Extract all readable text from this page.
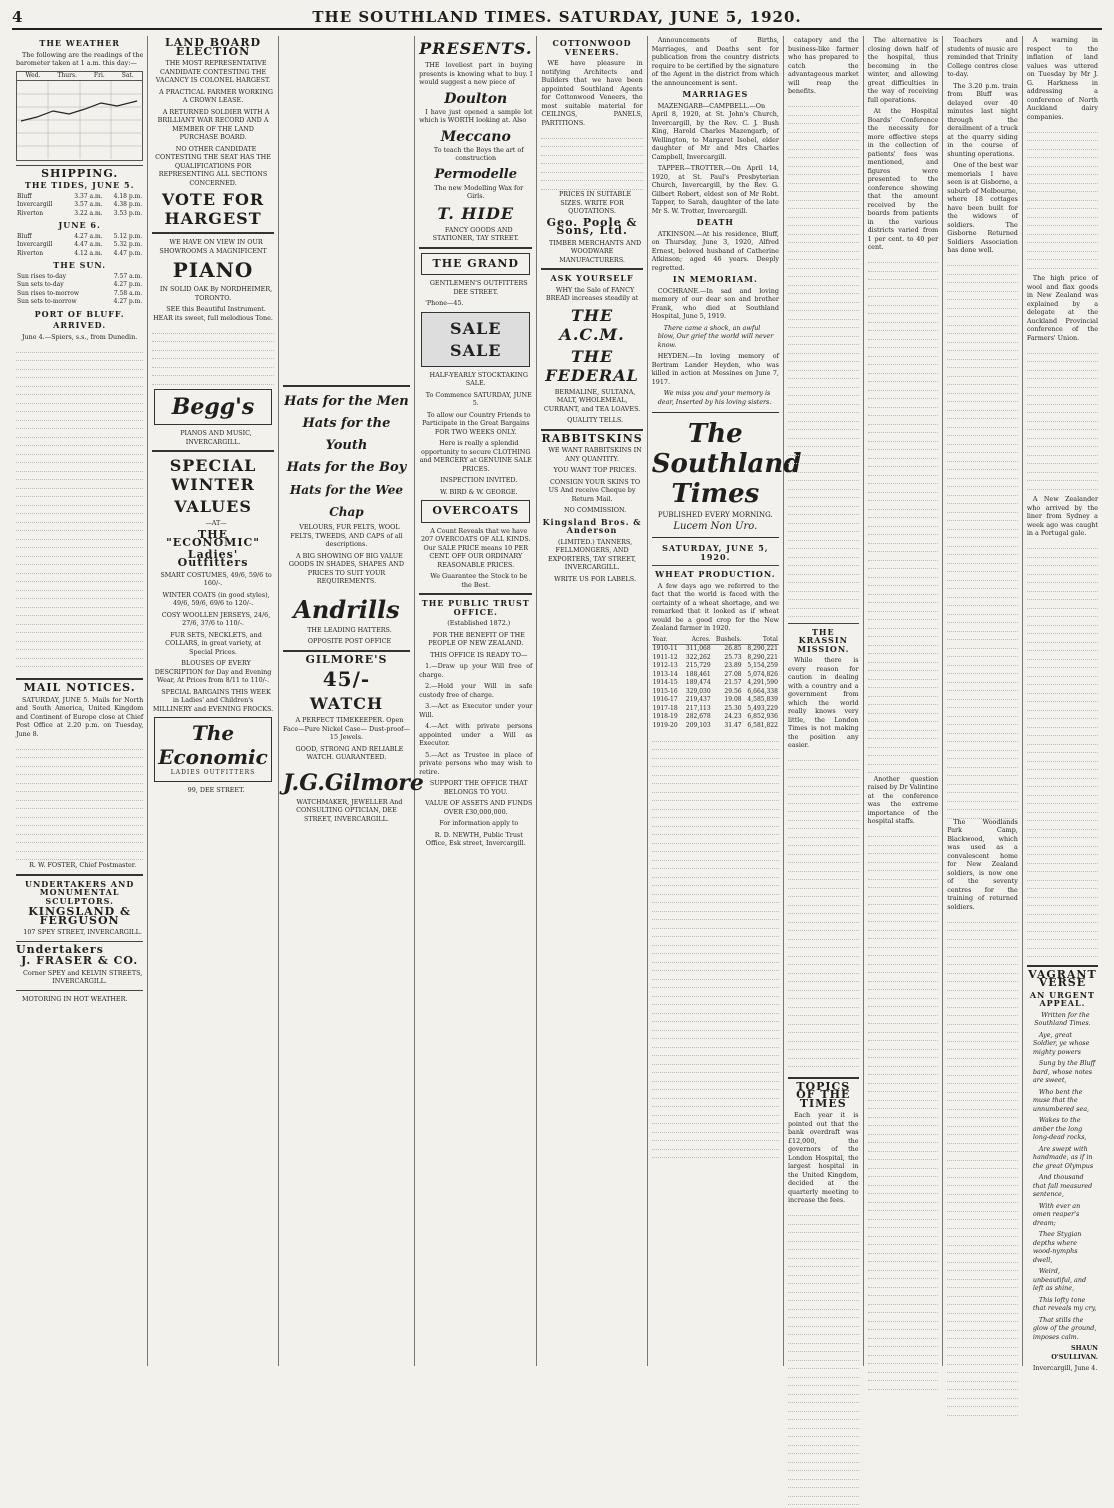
4	THE SOUTHLAND TIMES. SATURDAY, JUNE 5, 1920.
THE WEATHER

The following are the readings of the barometer taken at 1 a.m. this day:—

Wed.	Thurs.	Fri.	Sat.
SHIPPING.
THE TIDES, JUNE 5.
Bluff	3.37 a.m.	4.18 p.m.
Invercargill	3.57 a.m.	4.38 p.m.
Riverton	3.22 a.m.	3.53 p.m.
JUNE 6.
Bluff	4.27 a.m.	5.12 p.m.
Invercargill	4.47 a.m.	5.32 p.m.
Riverton	4.12 a.m.	4.47 p.m.
THE SUN.
Sun rises to-day	7.57 a.m.
Sun sets to-day	4.27 p.m.
Sun rises to-morrow	7.58 a.m.
Sun sets to-morrow	4.27 p.m.
PORT OF BLUFF.
ARRIVED.

June 4.—Spiers, s.s., from Dunedin.

MAIL NOTICES.

SATURDAY, JUNE 5. Mails for North and South America, United Kingdom and Continent of Europe close at Chief Post Office at 2.20 p.m. on Tuesday, June 8.

R. W. FOSTER, Chief Postmaster.

UNDERTAKERS AND MONUMENTAL SCULPTORS.
KINGSLAND & FERGUSON

107 SPEY STREET, INVERCARGILL.

Undertakers
J. FRASER & CO.

Corner SPEY and KELVIN STREETS, INVERCARGILL.

MOTORING IN HOT WEATHER.

LAND BOARD ELECTION

THE MOST REPRESENTATIVE CANDIDATE CONTESTING THE VACANCY IS COLONEL HARGEST.

A PRACTICAL FARMER WORKING A CROWN LEASE.

A RETURNED SOLDIER WITH A BRILLIANT WAR RECORD AND A MEMBER OF THE LAND PURCHASE BOARD.

NO OTHER CANDIDATE CONTESTING THE SEAT HAS THE QUALIFICATIONS FOR REPRESENTING ALL SECTIONS CONCERNED.

VOTE FOR HARGEST

WE HAVE ON VIEW IN OUR SHOWROOMS A MAGNIFICENT

PIANO

IN SOLID OAK By NORDHEIMER, TORONTO.

SEE this Beautiful Instrument. HEAR its sweet, full melodious Tone.

Begg's

PIANOS AND MUSIC, INVERCARGILL.

SPECIAL WINTER
VALUES

—AT—

THE "ECONOMIC"
Ladies' Outfitters

SMART COSTUMES, 49/6, 59/6 to 160/-.

WINTER COATS (in good styles), 49/6, 59/6, 69/6 to 120/-.

COSY WOOLLEN JERSEYS, 24/6, 27/6, 37/6 to 110/-.

FUR SETS, NECKLETS, and COLLARS, in great variety, at Special Prices.

BLOUSES OF EVERY DESCRIPTION for Day and Evening Wear, At Prices from 8/11 to 110/-.

SPECIAL BARGAINS THIS WEEK in Ladies' and Children's MILLINERY and EVENING FROCKS.

The Economic
LADIES OUTFITTERS

99, DEE STREET.

Hats for the Men
Hats for the Youth
Hats for the Boy
Hats for the Wee Chap

VELOURS, FUR FELTS, WOOL FELTS, TWEEDS, AND CAPS of all descriptions.

A BIG SHOWING OF BIG VALUE GOODS IN SHADES, SHAPES AND PRICES TO SUIT YOUR REQUIREMENTS.

Andrills

THE LEADING HATTERS.

OPPOSITE POST OFFICE

GILMORE'S
45/-
WATCH

A PERFECT TIMEKEEPER. Open Face—Pure Nickel Case— Dust-proof—15 Jewels.

GOOD, STRONG AND RELIABLE WATCH. GUARANTEED.

J.G.Gilmore

WATCHMAKER, JEWELLER And CONSULTING OPTICIAN, DEE STREET, INVERCARGILL.

PRESENTS.

THE loveliest part in buying presents is knowing what to buy. I would suggest a new piece of

Doulton

I have just opened a sample lot which is WORTH looking at. Also

Meccano

To teach the Boys the art of construction

Permodelle

The new Modelling Wax for Girls.

T. HIDE

FANCY GOODS AND STATIONER, TAY STREET.

THE GRAND

GENTLEMEN'S OUTFITTERS DEE STREET.

'Phone—45.

SALE
SALE

HALF-YEARLY STOCKTAKING SALE.

To Commence SATURDAY, JUNE 5.

To allow our Country Friends to Participate in the Great Bargains FOR TWO WEEKS ONLY.

Here is really a splendid opportunity to secure CLOTHING and MERCERY at GENUINE SALE PRICES.

INSPECTION INVITED.

W. BIRD & W. GEORGE.

OVERCOATS

A Count Reveals that we have 207 OVERCOATS OF ALL KINDS. Our SALE PRICE means 10 PER CENT. OFF OUR ORDINARY REASONABLE PRICES.

We Guarantee the Stock to be the Best.

THE PUBLIC TRUST OFFICE.

(Established 1872.)

FOR THE BENEFIT OF THE PEOPLE OF NEW ZEALAND.

THIS OFFICE IS READY TO—

1.—Draw up your Will free of charge.

2.—Hold your Will in safe custody free of charge.

3.—Act as Executor under your Will.

4.—Act with private persons appointed under a Will as Executor.

5.—Act as Trustee in place of private persons who may wish to retire.

SUPPORT THE OFFICE THAT BELONGS TO YOU.

VALUE OF ASSETS AND FUNDS OVER £30,000,000.

For information apply to

R. D. NEWTH, Public Trust Office, Esk street, Invercargill.

COTTONWOOD VENEERS.

WE have pleasure in notifying Architects and Builders that we have been appointed Southland Agents for Cottonwood Veneers, the most suitable material for CEILINGS, PANELS, PARTITIONS.

PRICES IN SUITABLE SIZES. WRITE FOR QUOTATIONS.

Geo. Poole & Sons, Ltd.

TIMBER MERCHANTS AND WOODWARE MANUFACTURERS.

ASK YOURSELF

WHY the Sale of FANCY BREAD increases steadily at

THE A.C.M.
THE FEDERAL

BERMALINE, SULTANA, MALT, WHOLEMEAL, CURRANT, and TEA LOAVES.

QUALITY TELLS.

RABBITSKINS

WE WANT RABBITSKINS IN ANY QUANTITY.

YOU WANT TOP PRICES.

CONSIGN YOUR SKINS TO US And receive Cheque by Return Mail.

NO COMMISSION.

Kingsland Bros. & Anderson

(LIMITED.) TANNERS, FELLMONGERS, AND EXPORTERS, TAY STREET, INVERCARGILL.

WRITE US FOR LABELS.

Announcements of Births, Marriages, and Deaths sent for publication from the country districts require to be certified by the signature of the Agent in the district from which the announcement is sent.

MARRIAGES

MAZENGARB—CAMPBELL.—On April 8, 1920, at St. John's Church, Invercargill, by the Rev. C. J. Bush King, Harold Charles Mazengarb, of Wellington, to Margaret Isobel, elder daughter of Mr and Mrs Charles Campbell, Invercargill.

TAPPER—TROTTER.—On April 14, 1920, at St. Paul's Presbyterian Church, Invercargill, by the Rev. G. Gilbert Robert, eldest son of Mr Robt. Tapper, to Sarah, daughter of the late Mr S. W. Trotter, Invercargill.

DEATH

ATKINSON.—At his residence, Bluff, on Thursday, June 3, 1920, Alfred Ernest, beloved husband of Catherine Atkinson; aged 46 years. Deeply regretted.

IN MEMORIAM.

COCHRANE.—In sad and loving memory of our dear son and brother Frank, who died at Southland Hospital, June 5, 1919.

There came a shock, an awful blow, Our grief the world will never know.

HEYDEN.—In loving memory of Bertram Lander Heyden, who was killed in action at Messines on June 7, 1917.

We miss you and your memory is dear, Inserted by his loving sisters.

The Southland Times
PUBLISHED EVERY MORNING.
Lucem Non Uro.
SATURDAY, JUNE 5, 1920.
WHEAT PRODUCTION.

A few days ago we referred to the fact that the world is faced with the certainty of a wheat shortage, and we remarked that it looked as if wheat would be a good crop for the New Zealand farmer in 1920.

Year.	Acres.	Bushels.	Total
1910-11	311,068	26.85	8,290,221
1911-12	322,262	25.73	8,290,221
1912-13	215,729	23.89	5,154,259
1913-14	188,461	27.08	5,074,826
1914-15	189,474	21.57	4,291,590
1915-16	329,030	29.56	6,664,338
1916-17	219,437	19.08	4,585,839
1917-18	217,113	25.30	5,493,229
1918-19	282,678	24.23	6,852,936
1919-20	209,103	31.47	6,581,822

catapory and the business-like farmer who has prepared to catch the advantageous market will reap the benefits.

THE KRASSIN MISSION.

While there is every reason for caution in dealing with a country and a government from which the world really knows very little, the London Times is not making the position any easier.

TOPICS OF THE TIMES

Each year it is pointed out that the bank overdraft was £12,000, the governors of the London Hospital, the largest hospital in the United Kingdom, decided at the quarterly meeting to increase the fees.

The alternative is closing down half of the hospital, thus becoming in the winter, and allowing great difficulties in the way of receiving full operations.

At the Hospital Boards' Conference the necessity for more effective steps in the collection of patients' fees was mentioned, and figures were presented to the conference showing that the amount received by the boards from patients in the various districts varied from 1 per cent. to 40 per cent.

Another question raised by Dr Valintine at the conference was the extreme importance of the hospital staffs.

Teachers and students of music are reminded that Trinity College centres close to-day.

The 3.20 p.m. train from Bluff was delayed over 40 minutes last night through the derailment of a truck at the quarry siding in the course of shunting operations.

One of the best war memorials I have seen is at Gisborne, a suburb of Melbourne, where 18 cottages have been built for the widows of soldiers. The Gisborne Returned Soldiers Association has done well.

The Woodlands Park Camp, Blackwood, which was used as a convalescent home for New Zealand soldiers, is now one of the seventy centres for the training of returned soldiers.

A warning in respect to the inflation of land values was uttered on Tuesday by Mr J. G. Harkness in addressing a conference of North Auckland dairy companies.

The high price of wool and flax goods in New Zealand was explained by a delegate at the Auckland Provincial conference of the Farmers' Union.

A New Zealander who arrived by the liner from Sydney a week ago was caught in a Portugal gale.

VAGRANT VERSE
AN URGENT APPEAL.

Written for the Southland Times.

Aye, great Soldier, ye whose mighty powers

Sung by the Bluff bard, whose notes are sweet,

Who bent the muse that the unnumbered sea,

Wakes to the amber the long long-dead rocks,

Are swept with handmade, as if in the great Olympus

And thousand that fall measured sentence,

With ever an omen reaper's dream;

Thee Stygian depths where wood-nymphs dwell,

Weird, unbeautiful, and left as shine,

This lofty tone that reveals my cry,

That stills the glow of the ground, imposes calm.

SHAUN O'SULLIVAN.

Invercargill, June 4.
